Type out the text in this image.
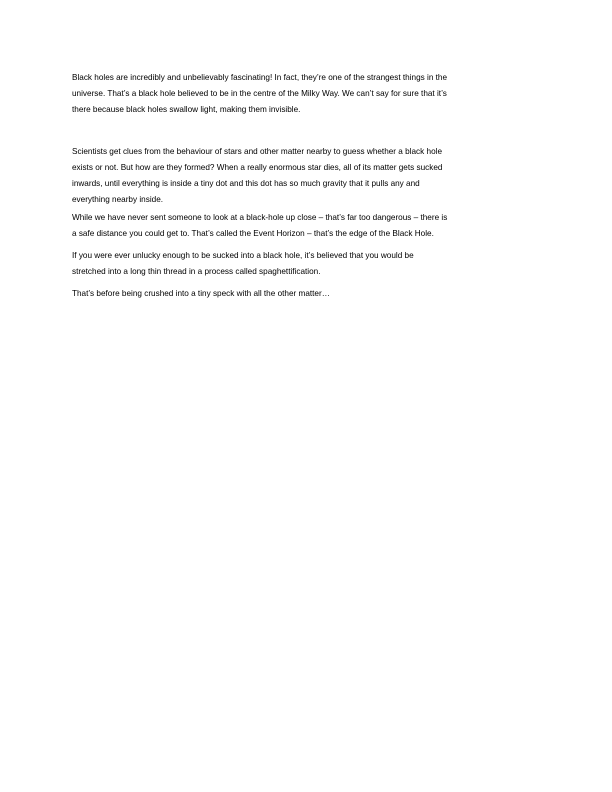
Black holes are incredibly and unbelievably fascinating! In fact, they’re one of the strangest things in the
universe. That’s a black hole believed to be in the centre of the Milky Way. We can’t say for sure that it’s
there because black holes swallow light, making them invisible.
Scientists get clues from the behaviour of stars and other matter nearby to guess whether a black hole
exists or not. But how are they formed? When a really enormous star dies, all of its matter gets sucked
inwards, until everything is inside a tiny dot and this dot has so much gravity that it pulls any and
everything nearby inside.
While we have never sent someone to look at a black-hole up close – that’s far too dangerous – there is
a safe distance you could get to. That’s called the Event Horizon – that’s the edge of the Black Hole.
If you were ever unlucky enough to be sucked into a black hole, it’s believed that you would be
stretched into a long thin thread in a process called spaghettification.
That’s before being crushed into a tiny speck with all the other matter…
